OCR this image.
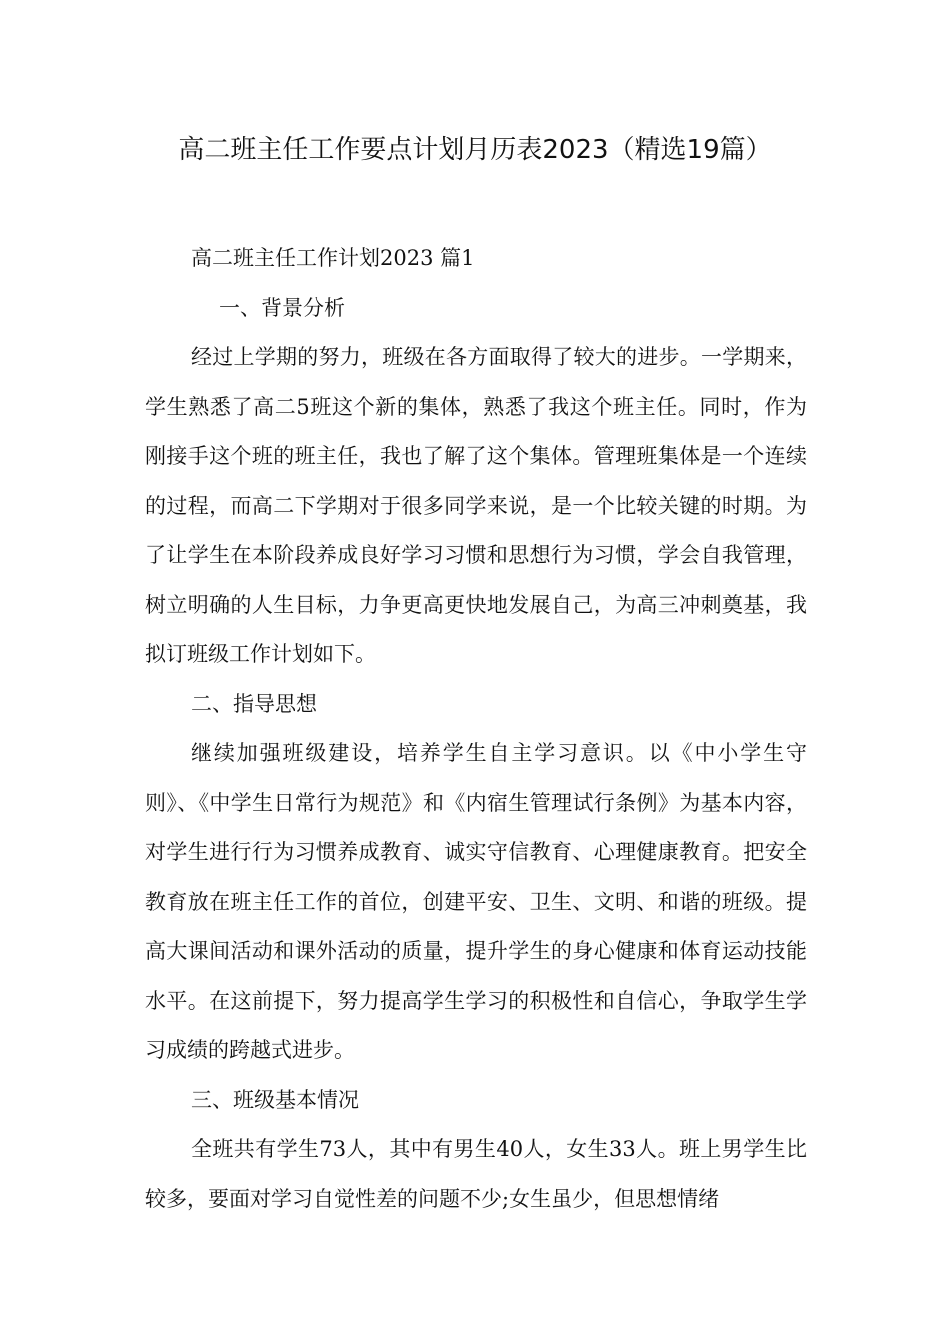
高二班主任工作要点计划月历表2023（精选19篇）

高二班主任工作计划2023 篇1

一、背景分析

经过上学期的努力，班级在各方面取得了较大的进步。一学期来，学生熟悉了高二5班这个新的集体，熟悉了我这个班主任。同时，作为刚接手这个班的班主任，我也了解了这个集体。管理班集体是一个连续的过程，而高二下学期对于很多同学来说，是一个比较关键的时期。为了让学生在本阶段养成良好学习习惯和思想行为习惯，学会自我管理，树立明确的人生目标，力争更高更快地发展自己，为高三冲刺奠基，我拟订班级工作计划如下。

二、指导思想

继续加强班级建设，培养学生自主学习意识。以《中小学生守则》、《中学生日常行为规范》和《内宿生管理试行条例》为基本内容，对学生进行行为习惯养成教育、诚实守信教育、心理健康教育。把安全教育放在班主任工作的首位，创建平安、卫生、文明、和谐的班级。提高大课间活动和课外活动的质量，提升学生的身心健康和体育运动技能水平。在这前提下，努力提高学生学习的积极性和自信心，争取学生学习成绩的跨越式进步。

三、班级基本情况

全班共有学生73人，其中有男生40人，女生33人。班上男学生比较多，要面对学习自觉性差的问题不少;女生虽少，但思想情绪
